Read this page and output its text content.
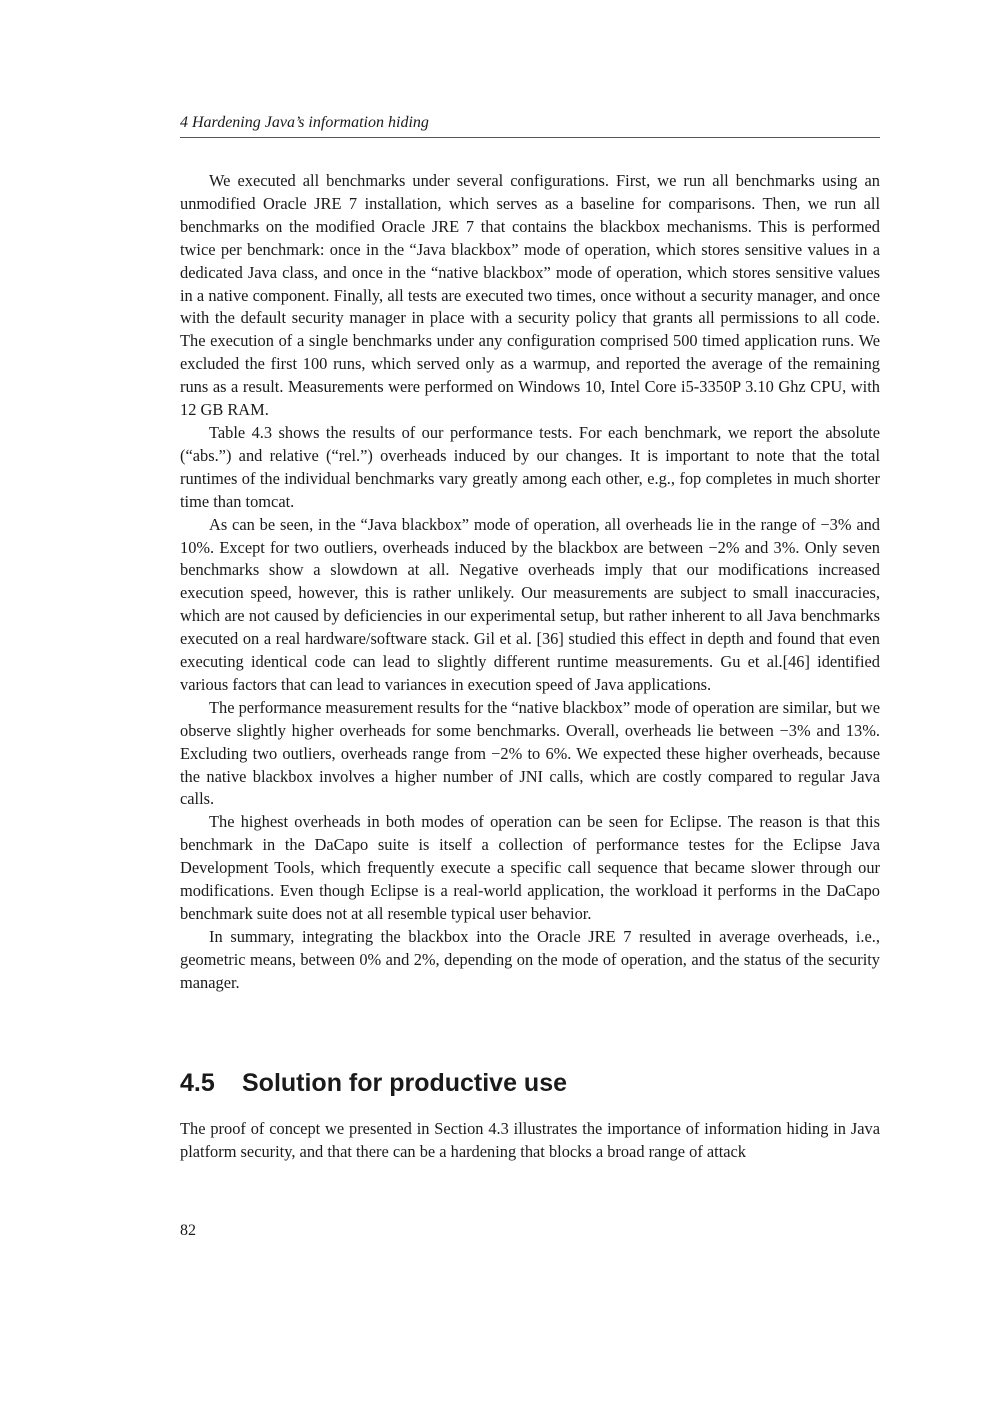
4 Hardening Java’s information hiding

We executed all benchmarks under several configurations. First, we run all benchmarks using an unmodified Oracle JRE 7 installation, which serves as a baseline for comparisons. Then, we run all benchmarks on the modified Oracle JRE 7 that contains the blackbox mechanisms. This is performed twice per benchmark: once in the “Java blackbox” mode of operation, which stores sensitive values in a dedicated Java class, and once in the “native blackbox” mode of operation, which stores sensitive values in a native component. Finally, all tests are executed two times, once without a security manager, and once with the default security manager in place with a security policy that grants all permissions to all code. The execution of a single benchmarks under any configuration comprised 500 timed application runs. We excluded the first 100 runs, which served only as a warmup, and reported the average of the remaining runs as a result. Measurements were performed on Windows 10, Intel Core i5-3350P 3.10 Ghz CPU, with 12 GB RAM.

Table 4.3 shows the results of our performance tests. For each benchmark, we report the absolute (“abs.”) and relative (“rel.”) overheads induced by our changes. It is important to note that the total runtimes of the individual benchmarks vary greatly among each other, e.g., fop completes in much shorter time than tomcat.

As can be seen, in the “Java blackbox” mode of operation, all overheads lie in the range of −3% and 10%. Except for two outliers, overheads induced by the blackbox are between −2% and 3%. Only seven benchmarks show a slowdown at all. Negative overheads imply that our modifications increased execution speed, however, this is rather unlikely. Our measurements are subject to small inaccuracies, which are not caused by deficiencies in our experimental setup, but rather inherent to all Java benchmarks executed on a real hardware/software stack. Gil et al. [36] studied this effect in depth and found that even executing identical code can lead to slightly different runtime measurements. Gu et al.[46] identified various factors that can lead to variances in execution speed of Java applications.

The performance measurement results for the “native blackbox” mode of operation are similar, but we observe slightly higher overheads for some benchmarks. Overall, overheads lie between −3% and 13%. Excluding two outliers, overheads range from −2% to 6%. We expected these higher overheads, because the native blackbox involves a higher number of JNI calls, which are costly compared to regular Java calls.

The highest overheads in both modes of operation can be seen for Eclipse. The reason is that this benchmark in the DaCapo suite is itself a collection of performance testes for the Eclipse Java Development Tools, which frequently execute a specific call sequence that became slower through our modifications. Even though Eclipse is a real-world application, the workload it performs in the DaCapo benchmark suite does not at all resemble typical user behavior.

In summary, integrating the blackbox into the Oracle JRE 7 resulted in average overheads, i.e., geometric means, between 0% and 2%, depending on the mode of operation, and the status of the security manager.

4.5 Solution for productive use

The proof of concept we presented in Section 4.3 illustrates the importance of information hiding in Java platform security, and that there can be a hardening that blocks a broad range of attack

82
